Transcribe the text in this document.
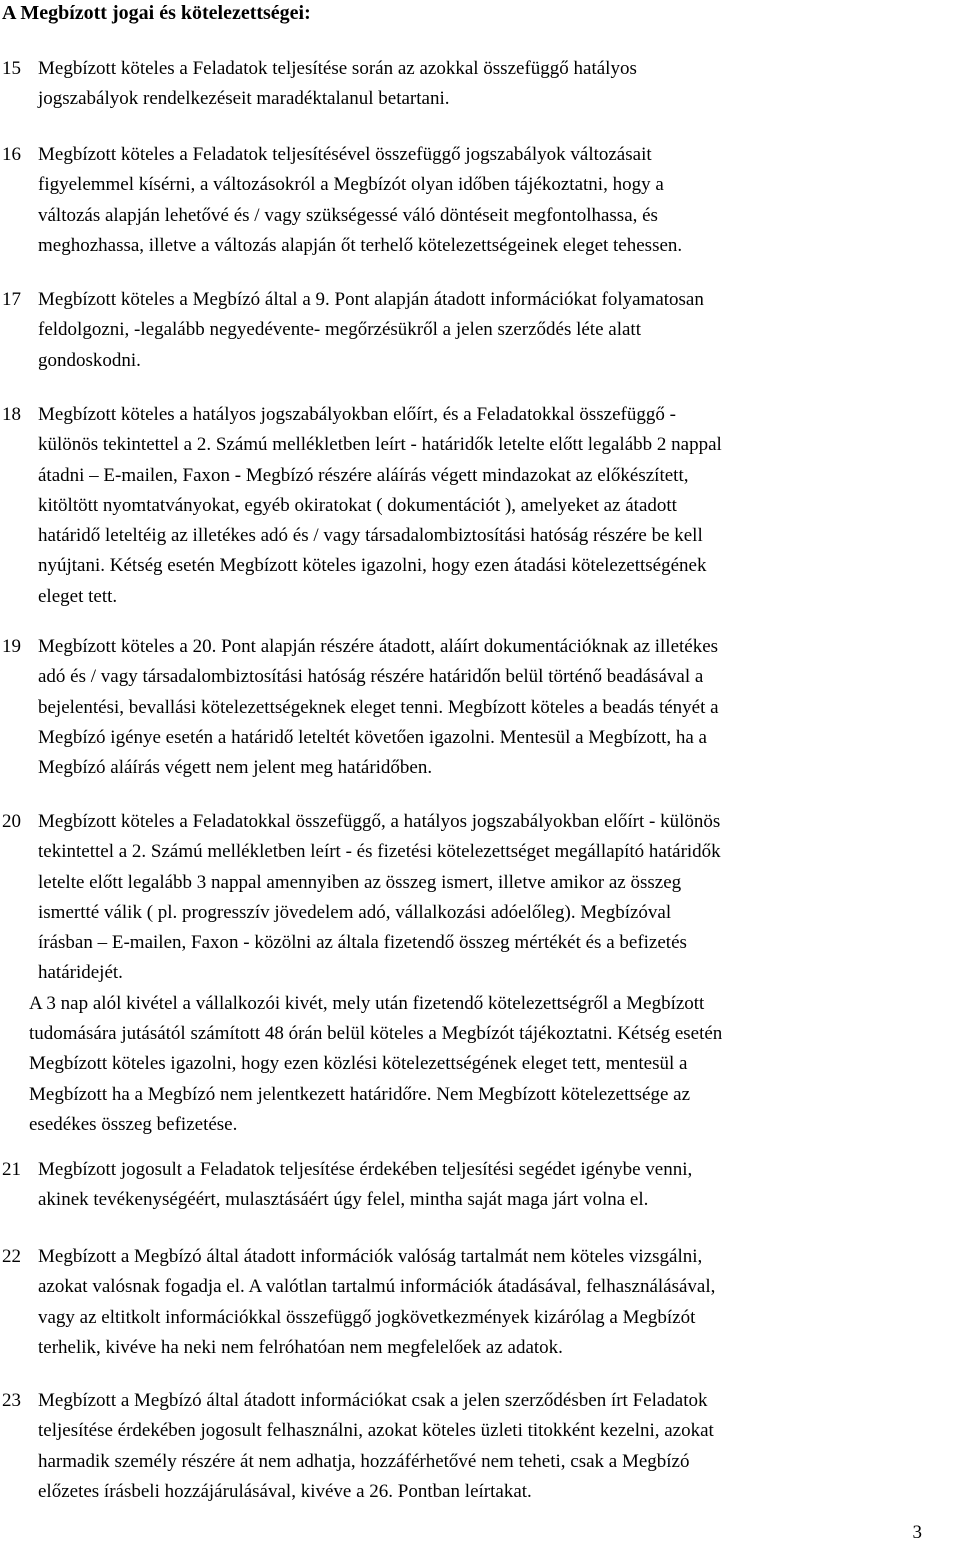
A Megbízott jogai és kötelezettségei:
15 Megbízott köteles a Feladatok teljesítése során az azokkal összefüggő hatályos
jogszabályok rendelkezéseit maradéktalanul betartani.
16 Megbízott köteles a Feladatok teljesítésével összefüggő jogszabályok változásait
figyelemmel kísérni, a változásokról a Megbízót olyan időben tájékoztatni, hogy a
változás alapján lehetővé és / vagy szükségessé váló döntéseit megfontolhassa, és
meghozhassa, illetve a változás alapján őt terhelő kötelezettségeinek eleget tehessen.
17 Megbízott köteles a Megbízó által a 9. Pont alapján átadott információkat folyamatosan
feldolgozni, -legalább negyedévente- megőrzésükről a jelen szerződés léte alatt
gondoskodni.
18 Megbízott köteles a hatályos jogszabályokban előírt, és a Feladatokkal összefüggő -
különös tekintettel a 2. Számú mellékletben leírt - határidők letelte előtt legalább 2 nappal
átadni – E-mailen, Faxon - Megbízó részére aláírás végett mindazokat az előkészített,
kitöltött nyomtatványokat, egyéb okiratokat ( dokumentációt ), amelyeket az átadott
határidő leteltéig az illetékes adó és / vagy társadalombiztosítási hatóság részére be kell
nyújtani. Kétség esetén Megbízott köteles igazolni, hogy ezen átadási kötelezettségének
eleget tett.
19 Megbízott köteles a 20. Pont alapján részére átadott, aláírt dokumentációknak az illetékes
adó és / vagy társadalombiztosítási hatóság részére határidőn belül történő beadásával a
bejelentési, bevallási kötelezettségeknek eleget tenni. Megbízott köteles a beadás tényét a
Megbízó igénye esetén a határidő leteltét követően igazolni. Mentesül a Megbízott, ha a
Megbízó aláírás végett nem jelent meg határidőben.
20 Megbízott köteles a Feladatokkal összefüggő, a hatályos jogszabályokban előírt - különös
tekintettel a 2. Számú mellékletben leírt - és fizetési kötelezettséget megállapító határidők
letelte előtt legalább 3 nappal amennyiben az összeg ismert, illetve amikor az összeg
ismertté válik ( pl. progresszív jövedelem adó, vállalkozási adóelőleg). Megbízóval
írásban – E-mailen, Faxon - közölni az általa fizetendő összeg mértékét és a befizetés
határidejét.
A 3 nap alól kivétel a vállalkozói kivét, mely után fizetendő kötelezettségről a Megbízott
tudomására jutásától számított 48 órán belül köteles a Megbízót tájékoztatni. Kétség esetén
Megbízott köteles igazolni, hogy ezen közlési kötelezettségének eleget tett, mentesül a
Megbízott ha a Megbízó nem jelentkezett határidőre. Nem Megbízott kötelezettsége az
esedékes összeg befizetése.
21 Megbízott jogosult a Feladatok teljesítése érdekében teljesítési segédet igénybe venni,
akinek tevékenységéért, mulasztásáért úgy felel, mintha saját maga járt volna el.
22 Megbízott a Megbízó által átadott információk valóság tartalmát nem köteles vizsgálni,
azokat valósnak fogadja el. A valótlan tartalmú információk átadásával, felhasználásával,
vagy az eltitkolt információkkal összefüggő jogkövetkezmények kizárólag a Megbízót
terhelik, kivéve ha neki nem felróhatóan nem megfelelőek az adatok.
23 Megbízott a Megbízó által átadott információkat csak a jelen szerződésben írt Feladatok
teljesítése érdekében jogosult felhasználni, azokat köteles üzleti titokként kezelni, azokat
harmadik személy részére át nem adhatja, hozzáférhetővé nem teheti, csak a Megbízó
előzetes írásbeli hozzájárulásával, kivéve a 26. Pontban leírtakat.
3
